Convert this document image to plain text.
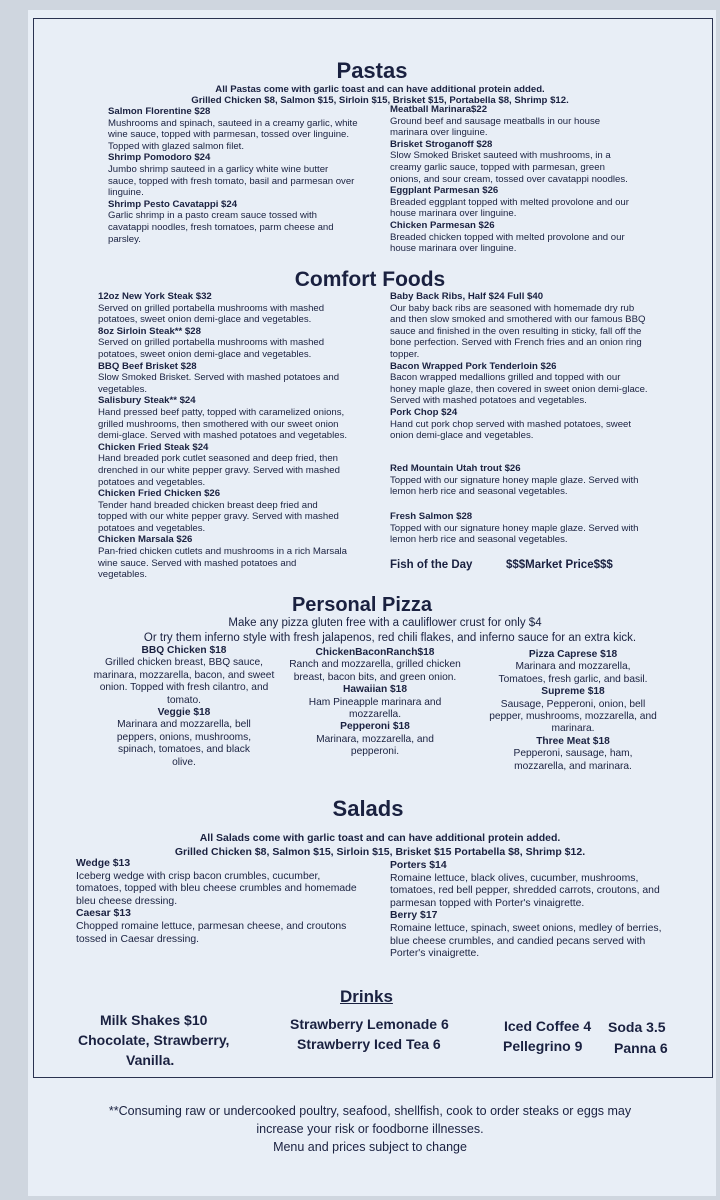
Pastas
All Pastas come with garlic toast and can have additional protein added.
Grilled Chicken $8, Salmon $15, Sirloin $15, Brisket $15, Portabella $8, Shrimp $12.
Salmon Florentine $28
Mushrooms and spinach, sauteed in a creamy garlic, white wine sauce, topped with parmesan, tossed over linguine. Topped with glazed salmon filet.
Shrimp Pomodoro $24
Jumbo shrimp sauteed in a garlicy white wine butter sauce, topped with fresh tomato, basil and parmesan over linguine.
Shrimp Pesto Cavatappi $24
Garlic shrimp in a pasto cream sauce tossed with cavatappi noodles, fresh tomatoes, parm cheese and parsley.
Meatball Marinara$22
Ground beef and sausage meatballs in our house marinara over linguine.
Brisket Stroganoff $28
Slow Smoked Brisket sauteed with mushrooms, in a creamy garlic sauce, topped with parmesan, green onions, and sour cream, tossed over cavatappi noodles.
Eggplant Parmesan $26
Breaded eggplant topped with melted provolone and our house marinara over linguine.
Chicken Parmesan $26
Breaded chicken topped with melted provolone and our house marinara over linguine.
Comfort Foods
12oz New York Steak $32
Served on grilled portabella mushrooms with mashed potatoes, sweet onion demi-glace and vegetables.
8oz Sirloin Steak** $28
Served on grilled portabella mushrooms with mashed potatoes, sweet onion demi-glace and vegetables.
BBQ Beef Brisket $28
Slow Smoked Brisket. Served with mashed potatoes and vegetables.
Salisbury Steak** $24
Hand pressed beef patty, topped with caramelized onions, grilled mushrooms, then smothered with our sweet onion demi-glace. Served with mashed potatoes and vegetables.
Chicken Fried Steak $24
Hand breaded pork cutlet seasoned and deep fried, then drenched in our white pepper gravy. Served with mashed potatoes and vegetables.
Chicken Fried Chicken $26
Tender hand breaded chicken breast deep fried and topped with our white pepper gravy. Served with mashed potatoes and vegetables.
Chicken Marsala $26
Pan-fried chicken cutlets and mushrooms in a rich Marsala wine sauce. Served with mashed potatoes and vegetables.
Baby Back Ribs, Half $24 Full $40
Our baby back ribs are seasoned with homemade dry rub and then slow smoked and smothered with our famous BBQ sauce and finished in the oven resulting in sticky, fall off the bone perfection. Served with French fries and an onion ring topper.
Bacon Wrapped Pork Tenderloin $26
Bacon wrapped medallions grilled and topped with our honey maple glaze, then covered in sweet onion demi-glace. Served with mashed potatoes and vegetables.
Pork Chop $24
Hand cut pork chop served with mashed potatoes, sweet onion demi-glace and vegetables.
Red Mountain Utah trout $26
Topped with our signature honey maple glaze. Served with lemon herb rice and seasonal vegetables.
Fresh Salmon $28
Topped with our signature honey maple glaze. Served with lemon herb rice and seasonal vegetables.
Fish of the Day	$$$Market Price$$$
Personal Pizza
Make any pizza gluten free with a cauliflower crust for only $4
Or try them inferno style with fresh jalapenos, red chili flakes, and inferno sauce for an extra kick.
BBQ Chicken $18
Grilled chicken breast, BBQ sauce, marinara, mozzarella, bacon, and sweet onion. Topped with fresh cilantro, and tomato.
Veggie $18
Marinara and mozzarella, bell peppers, onions, mushrooms, spinach, tomatoes, and black olive.
ChickenBaconRanch$18
Ranch and mozzarella, grilled chicken breast, bacon bits, and green onion.
Hawaiian $18
Ham Pineapple marinara and mozzarella.
Pepperoni $18
Marinara, mozzarella, and pepperoni.
Pizza Caprese $18
Marinara and mozzarella, Tomatoes, fresh garlic, and basil.
Supreme $18
Sausage, Pepperoni, onion, bell pepper, mushrooms, mozzarella, and marinara.
Three Meat $18
Pepperoni, sausage, ham, mozzarella, and marinara.
Salads
All Salads come with garlic toast and can have additional protein added.
Grilled Chicken $8, Salmon $15, Sirloin $15, Brisket $15 Portabella $8, Shrimp $12.
Wedge $13
Iceberg wedge with crisp bacon crumbles, cucumber, tomatoes, topped with bleu cheese crumbles and homemade bleu cheese dressing.
Caesar $13
Chopped romaine lettuce, parmesan cheese, and croutons tossed in Caesar dressing.
Porters $14
Romaine lettuce, black olives, cucumber, mushrooms, tomatoes, red bell pepper, shredded carrots, croutons, and parmesan topped with Porter's vinaigrette.
Berry $17
Romaine lettuce, spinach, sweet onions, medley of berries, blue cheese crumbles, and candied pecans served with Porter's vinaigrette.
Drinks
Milk Shakes $10
Chocolate, Strawberry,
Vanilla.
Strawberry Lemonade 6
Strawberry Iced Tea 6
Iced Coffee 4
Pellegrino 9
Soda 3.5
Panna 6
**Consuming raw or undercooked poultry, seafood, shellfish, cook to order steaks or eggs may
increase your risk or foodborne illnesses.
Menu and prices subject to change
